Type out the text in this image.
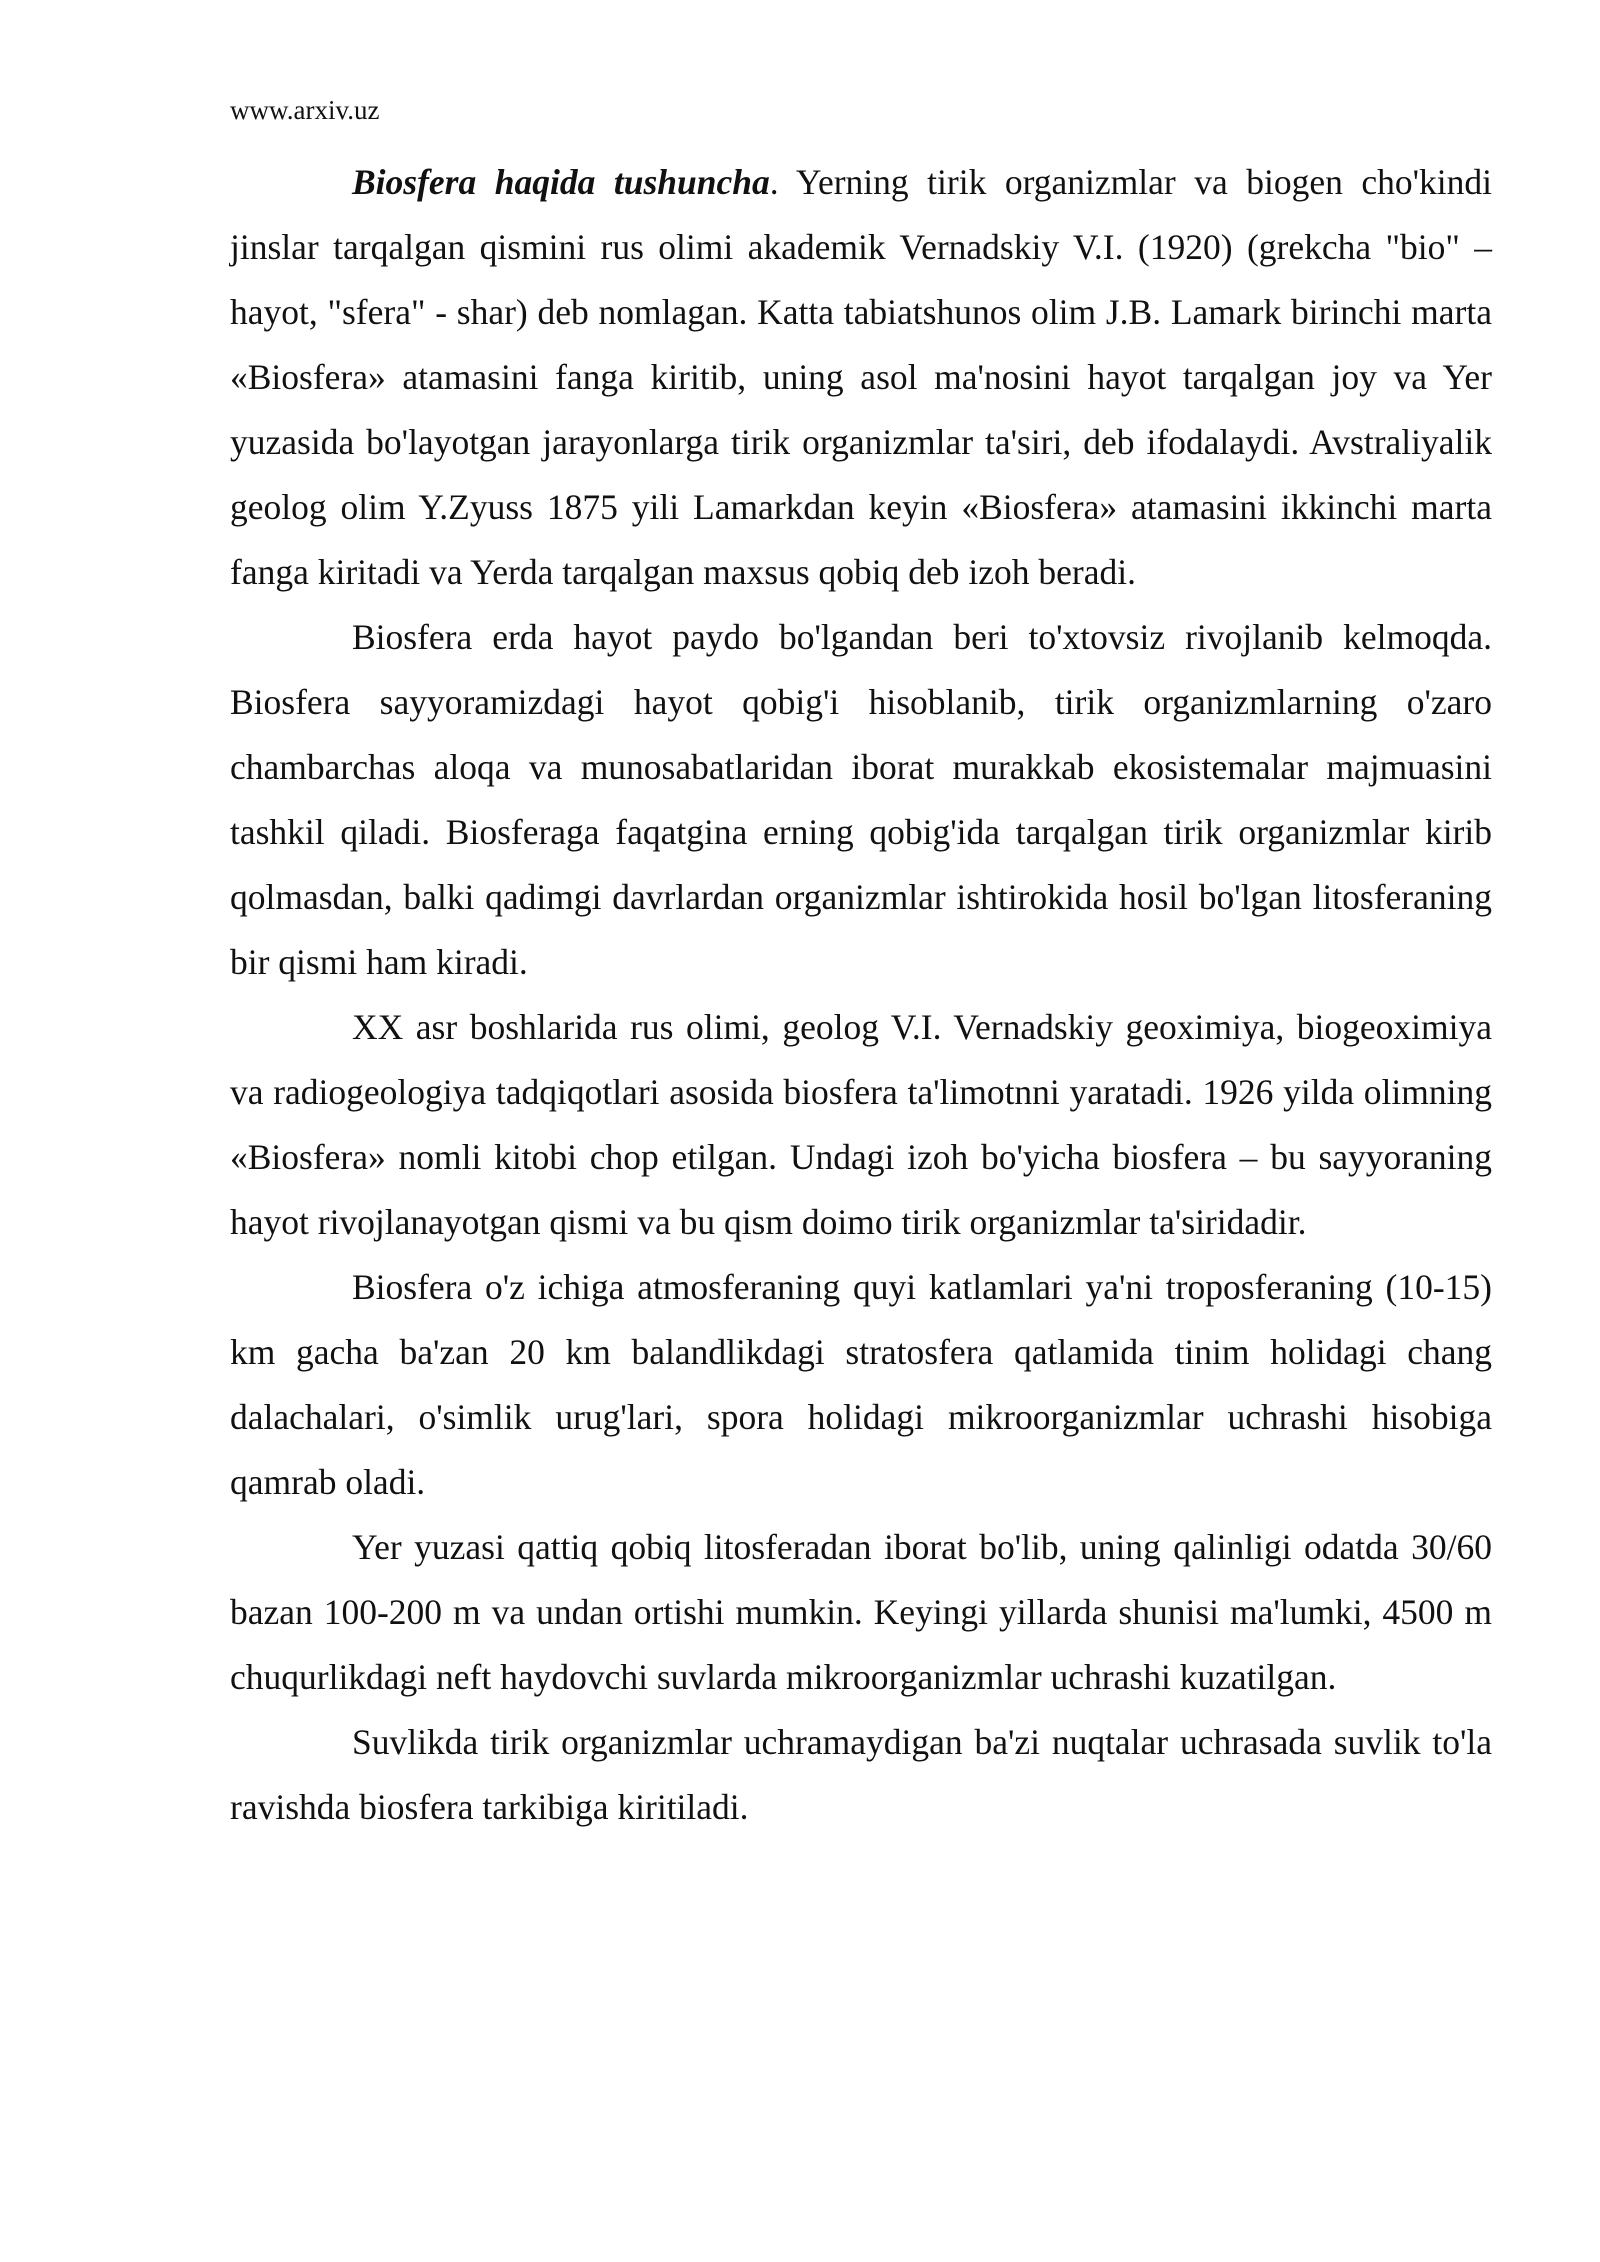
www.arxiv.uz

Biosfera haqida tushuncha. Yerning tirik organizmlar va biogen cho'kindi jinslar tarqalgan qismini rus olimi akademik Vernadskiy V.I. (1920) (grekcha "bio" – hayot, "sfera" - shar) deb nomlagan. Katta tabiatshunos olim J.B. Lamark birinchi marta «Biosfera» atamasini fanga kiritib, uning asol ma'nosini hayot tarqalgan joy va Yer yuzasida bo'layotgan jarayonlarga tirik organizmlar ta'siri, deb ifodalaydi. Avstraliyalik geolog olim Y.Zyuss 1875 yili Lamarkdan keyin «Biosfera» atamasini ikkinchi marta fanga kiritadi va Yerda tarqalgan maxsus qobiq deb izoh beradi.

Biosfera erda hayot paydo bo'lgandan beri to'xtovsiz rivojlanib kelmoqda. Biosfera sayyoramizdagi hayot qobig'i hisoblanib, tirik organizmlarning o'zaro chambarchas aloqa va munosabatlaridan iborat murakkab ekosistemalar majmuasini tashkil qiladi. Biosferaga faqatgina erning qobig'ida tarqalgan tirik organizmlar kirib qolmasdan, balki qadimgi davrlardan organizmlar ishtirokida hosil bo'lgan litosferaning bir qismi ham kiradi.

XX asr boshlarida rus olimi, geolog V.I. Vernadskiy geoximiya, biogeoximiya va radiogeologiya tadqiqotlari asosida biosfera ta'limotnni yaratadi. 1926 yilda olimning «Biosfera» nomli kitobi chop etilgan. Undagi izoh bo'yicha biosfera – bu sayyoraning hayot rivojlanayotgan qismi va bu qism doimo tirik organizmlar ta'siridadir.

Biosfera o'z ichiga atmosferaning quyi katlamlari ya'ni troposferaning (10-15) km gacha ba'zan 20 km balandlikdagi stratosfera qatlamida tinim holidagi chang dalachalari, o'simlik urug'lari, spora holidagi mikroorganizmlar uchrashi hisobiga qamrab oladi.

Yer yuzasi qattiq qobiq litosferadan iborat bo'lib, uning qalinligi odatda 30/60 bazan 100-200 m va undan ortishi mumkin. Keyingi yillarda shunisi ma'lumki, 4500 m chuqurlikdagi neft haydovchi suvlarda mikroorganizmlar uchrashi kuzatilgan.

Suvlikda tirik organizmlar uchramaydigan ba'zi nuqtalar uchrasada suvlik to'la ravishda biosfera tarkibiga kiritiladi.
